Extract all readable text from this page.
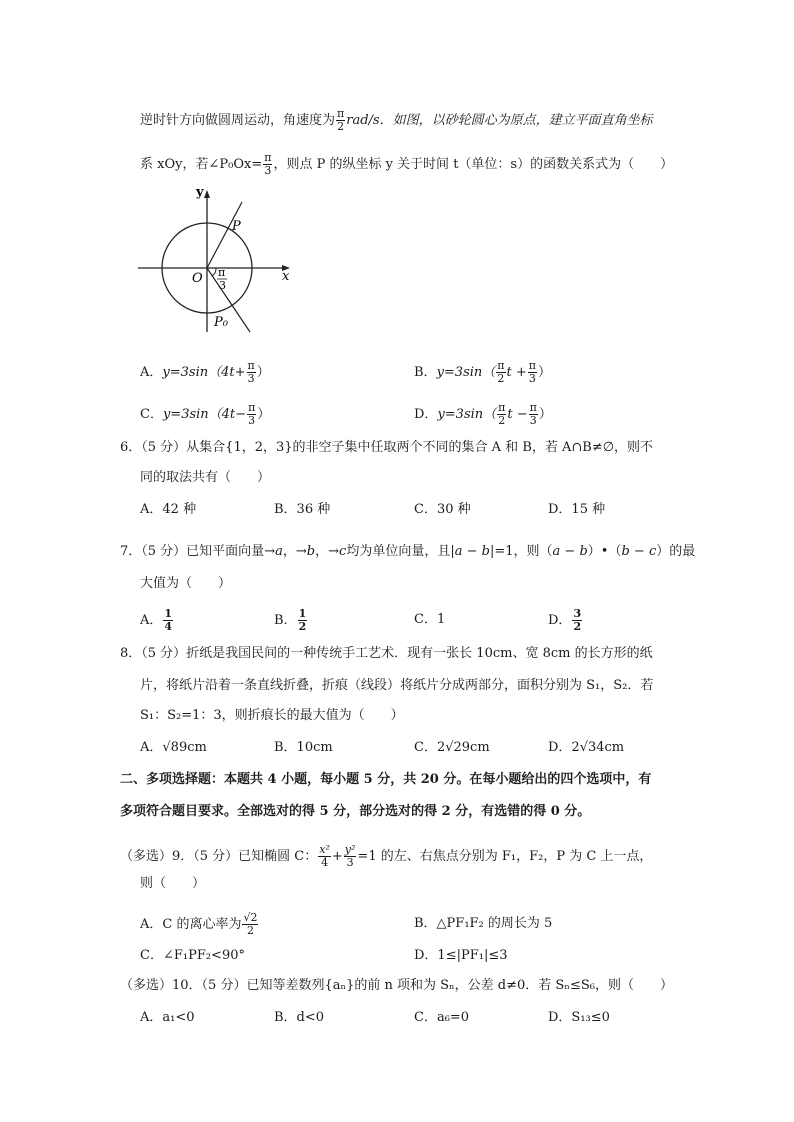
逆时针方向做圆周运动，角速度为 $\frac{\pi}{2} rad/s$．如图，以砂轮圆心为原点，建立平面直角坐标
系 xOy，若∠P₀Ox= $\frac{\pi}{3}$ ，则点 P 的纵坐标 y 关于时间 t（单位：s）的函数关系式为（　　）
y
x
O
P
P₀
π
3
A．$y=3\sin(4t+ \frac{\pi}{3}$ ）	B．$y=3\sin( \frac{\pi}{2}$ $t + \frac{\pi}{3}$ ）
C．$y=3\sin(4t- \frac{\pi}{3}$ ）	D．$y=3\sin( \frac{\pi}{2}$ $t - \frac{\pi}{3}$ ）
6．（5 分）从集合{1，2，3}的非空子集中任取两个不同的集合 A 和 B，若 A∩B≠∅，则不
同的取法共有（　　）
A．42 种	B．36 种	C．30 种	D．15 种
7．（5 分）已知平面向量→a，→b，→c均为单位向量，且|a − b|=1，则（a − b）•（b − c）的最
大值为（　　）
A． $\frac{1}{4}$	B． $\frac{1}{2}$	C．1	D． $\frac{3}{2}$
8．（5 分）折纸是我国民间的一种传统手工艺术．现有一张长 10cm、宽 8cm 的长方形的纸
片，将纸片沿着一条直线折叠，折痕（线段）将纸片分成两部分，面积分别为 S₁，S₂．若
S₁：S₂=1：3，则折痕长的最大值为（　　）
A．√89cm	B．10cm	C．2√29cm	D．2√34cm
二、多项选择题：本题共 4 小题，每小题 5 分，共 20 分。在每小题给出的四个选项中，有
多项符合题目要求。全部选对的得 5 分，部分选对的得 2 分，有选错的得 0 分。
（多选）9．（5 分）已知椭圆 C： $\frac{\text{x²}}{4} + \frac{\text{y²}}{3} =1$ 的左、右焦点分别为 F₁，F₂，P 为 C 上一点，
则（　　）
A．C 的离心率为 $\frac{√2}{2}$	B．△PF₁F₂ 的周长为 5
C．∠F₁PF₂<90°	D．1≤|PF₁|≤3
（多选）10．（5 分）已知等差数列{aₙ}的前 n 项和为 Sₙ，公差 d≠0．若 Sₙ≤S₆，则（　　）
A．a₁<0	B．d<0	C．a₆=0	D．S₁₃≤0
